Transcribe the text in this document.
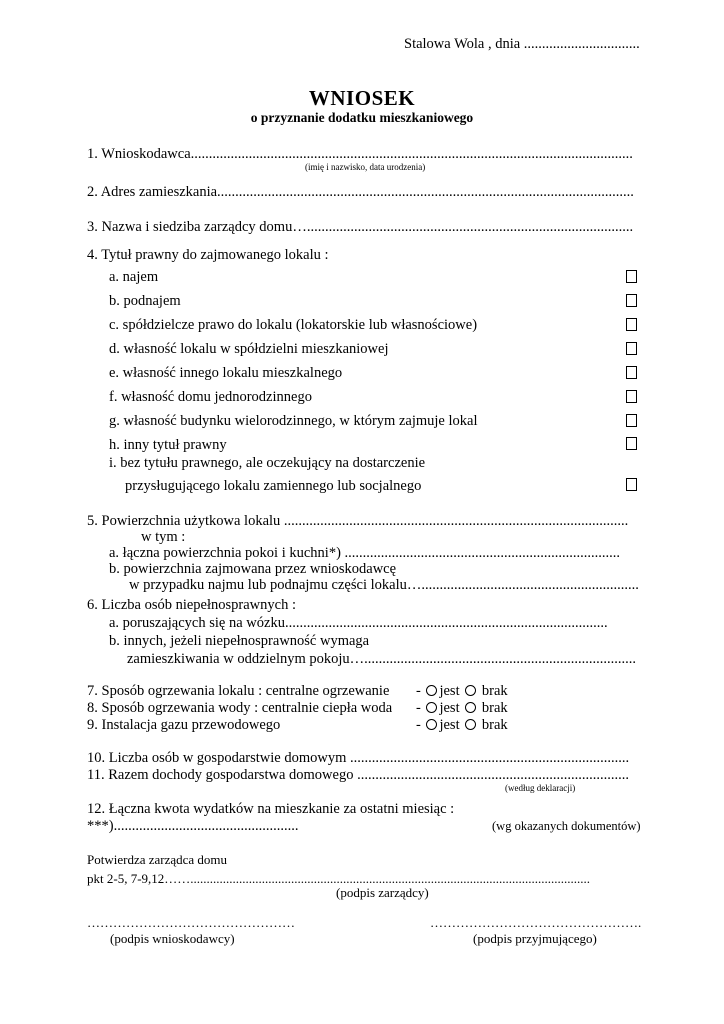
Stalowa Wola , dnia ................................
WNIOSEK
o przyznanie dodatku mieszkaniowego
1. Wnioskodawca..........................................................................................................................
(imię i nazwisko, data urodzenia)
2. Adres zamieszkania...................................................................................................................
3. Nazwa i siedziba zarządcy domu…..........................................................................................
4. Tytuł prawny do zajmowanego lokalu :
a. najem
b. podnajem
c. spółdzielcze prawo do lokalu (lokatorskie lub własnościowe)
d. własność lokalu w spółdzielni mieszkaniowej
e. własność innego lokalu mieszkalnego
f. własność domu jednorodzinnego
g. własność budynku wielorodzinnego, w którym zajmuje lokal
h. inny tytuł prawny
i. bez tytułu prawnego, ale oczekujący na dostarczenie
przysługującego lokalu zamiennego lub socjalnego
5. Powierzchnia użytkowa lokalu ...............................................................................................
w tym :
a. łączna powierzchnia pokoi i kuchni*) ............................................................................
b. powierzchnia zajmowana przez wnioskodawcę
w przypadku najmu lub podnajmu części lokalu…............................................................
6. Liczba osób niepełnosprawnych :
a. poruszających się na wózku.........................................................................................
b. innych, jeżeli niepełnosprawność wymaga
zamieszkiwania w oddzielnym pokoju…...........................................................................
7. Sposób ogrzewania lokalu : centralne ogrzewanie - jest brak
8. Sposób ogrzewania wody : centralnie ciepła woda - jest brak
9. Instalacja gazu przewodowego	- jest brak
10. Liczba osób w gospodarstwie domowym .............................................................................
11. Razem dochody gospodarstwa domowego ...........................................................................
(według deklaracji)
12. Łączna kwota wydatków na mieszkanie za ostatni miesiąc :
***)...................................................	(wg okazanych dokumentów)
Potwierdza zarządca domu
pkt 2-5, 7-9,12……...........................................................................................................................
(podpis zarządcy)
…………………………………………
(podpis wnioskodawcy)
………………………………………….
(podpis przyjmującego)
